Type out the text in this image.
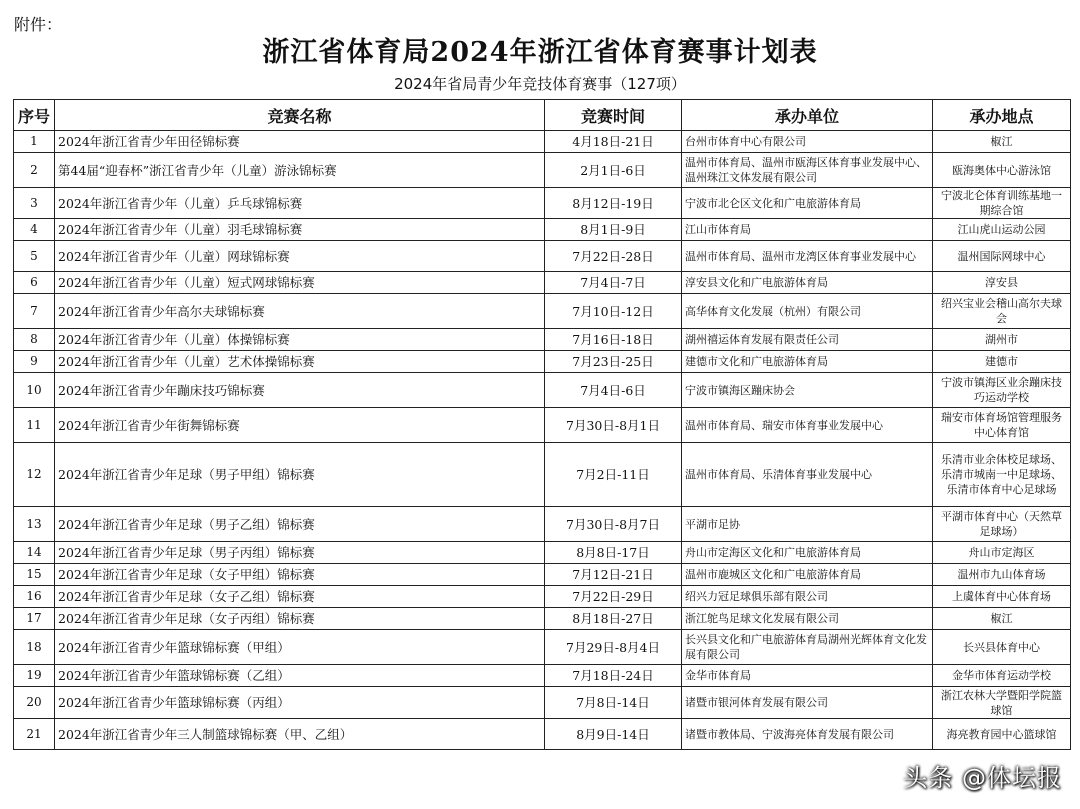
附件：
浙江省体育局2024年浙江省体育赛事计划表
2024年省局青少年竞技体育赛事（127项）
序号	竞赛名称	竞赛时间	承办单位	承办地点
1	2024年浙江省青少年田径锦标赛	4月18日-21日	台州市体育中心有限公司	椒江
2	第44届“迎春杯”浙江省青少年（儿童）游泳锦标赛	2月1日-6日	温州市体育局、温州市瓯海区体育事业发展中心、温州珠江文体发展有限公司	瓯海奥体中心游泳馆
3	2024年浙江省青少年（儿童）乒乓球锦标赛	8月12日-19日	宁波市北仑区文化和广电旅游体育局	宁波北仑体育训练基地一期综合馆
4	2024年浙江省青少年（儿童）羽毛球锦标赛	8月1日-9日	江山市体育局	江山虎山运动公园
5	2024年浙江省青少年（儿童）网球锦标赛	7月22日-28日	温州市体育局、温州市龙湾区体育事业发展中心	温州国际网球中心
6	2024年浙江省青少年（儿童）短式网球锦标赛	7月4日-7日	淳安县文化和广电旅游体育局	淳安县
7	2024年浙江省青少年高尔夫球锦标赛	7月10日-12日	高华体育文化发展（杭州）有限公司	绍兴宝业会稽山高尔夫球会
8	2024年浙江省青少年（儿童）体操锦标赛	7月16日-18日	湖州禧运体育发展有限责任公司	湖州市
9	2024年浙江省青少年（儿童）艺术体操锦标赛	7月23日-25日	建德市文化和广电旅游体育局	建德市
10	2024年浙江省青少年蹦床技巧锦标赛	7月4日-6日	宁波市镇海区蹦床协会	宁波市镇海区业余蹦床技巧运动学校
11	2024年浙江省青少年街舞锦标赛	7月30日-8月1日	温州市体育局、瑞安市体育事业发展中心	瑞安市体育场馆管理服务中心体育馆
12	2024年浙江省青少年足球（男子甲组）锦标赛	7月2日-11日	温州市体育局、乐清体育事业发展中心	乐清市业余体校足球场、乐清市城南一中足球场、乐清市体育中心足球场
13	2024年浙江省青少年足球（男子乙组）锦标赛	7月30日-8月7日	平湖市足协	平湖市体育中心（天然草足球场）
14	2024年浙江省青少年足球（男子丙组）锦标赛	8月8日-17日	舟山市定海区文化和广电旅游体育局	舟山市定海区
15	2024年浙江省青少年足球（女子甲组）锦标赛	7月12日-21日	温州市鹿城区文化和广电旅游体育局	温州市九山体育场
16	2024年浙江省青少年足球（女子乙组）锦标赛	7月22日-29日	绍兴力冠足球俱乐部有限公司	上虞体育中心体育场
17	2024年浙江省青少年足球（女子丙组）锦标赛	8月18日-27日	浙江鸵鸟足球文化发展有限公司	椒江
18	2024年浙江省青少年篮球锦标赛（甲组）	7月29日-8月4日	长兴县文化和广电旅游体育局湖州光辉体育文化发展有限公司	长兴县体育中心
19	2024年浙江省青少年篮球锦标赛（乙组）	7月18日-24日	金华市体育局	金华市体育运动学校
20	2024年浙江省青少年篮球锦标赛（丙组）	7月8日-14日	诸暨市银河体育发展有限公司	浙江农林大学暨阳学院篮球馆
21	2024年浙江省青少年三人制篮球锦标赛（甲、乙组）	8月9日-14日	诸暨市教体局、宁波海亮体育发展有限公司	海亮教育园中心篮球馆
头条 @体坛报
